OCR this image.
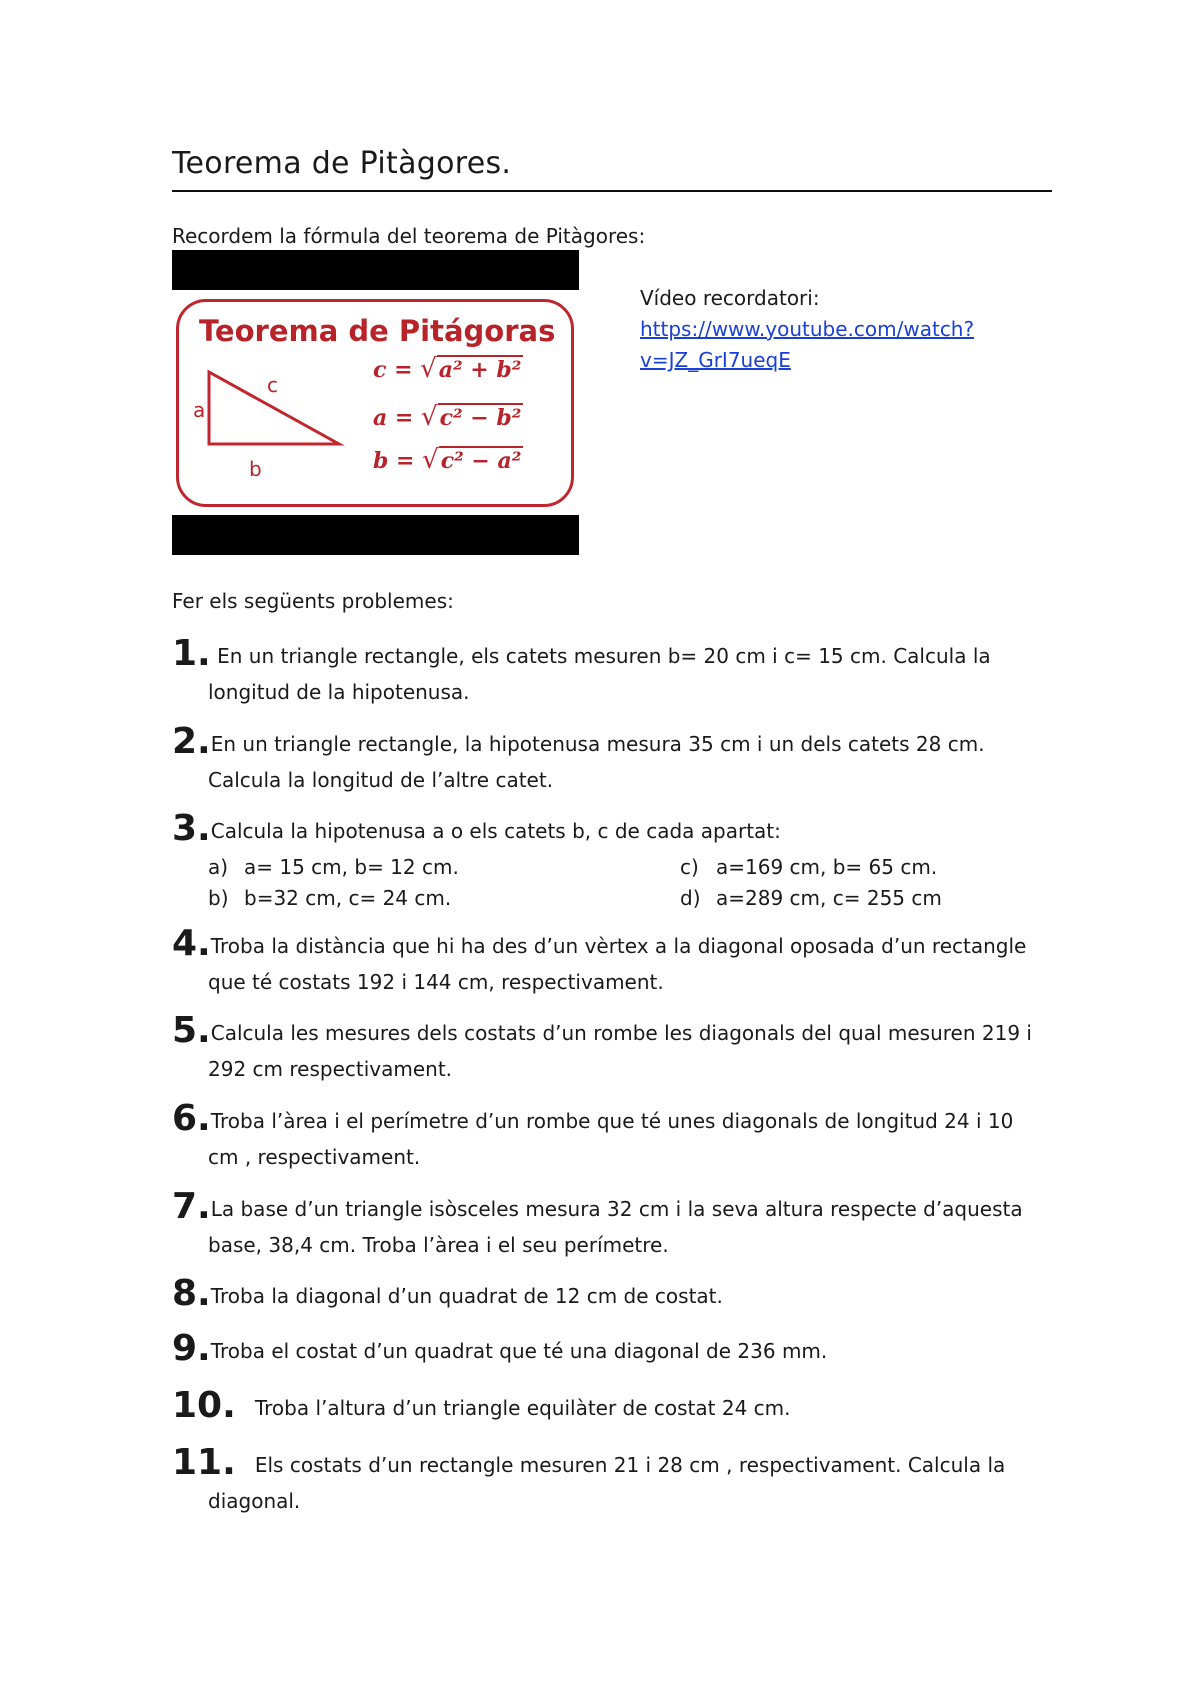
Teorema de Pitàgores.
Recordem la fórmula del teorema de Pitàgores:
Teorema de Pitágoras
c
a
b
c = √a² + b²
a = √c² − b²
b = √c² − a²
Vídeo recordatori:
https://www.youtube.com/watch?
v=JZ_GrI7ueqE
Fer els següents problemes:
1. En un triangle rectangle, els catets mesuren b= 20 cm i c= 15 cm. Calcula la
longitud de la hipotenusa.
2.En un triangle rectangle, la hipotenusa mesura 35 cm i un dels catets 28 cm.
Calcula la longitud de l’altre catet.
3.Calcula la hipotenusa a o els catets b, c de cada apartat:
a) a= 15 cm, b= 12 cm.
b) b=32 cm, c= 24 cm.
c) a=169 cm, b= 65 cm.
d) a=289 cm, c= 255 cm
4.Troba la distància que hi ha des d’un vèrtex a la diagonal oposada d’un rectangle
que té costats 192 i 144 cm, respectivament.
5.Calcula les mesures dels costats d’un rombe les diagonals del qual mesuren 219 i
292 cm respectivament.
6.Troba l’àrea i el perímetre d’un rombe que té unes diagonals de longitud 24 i 10
cm , respectivament.
7.La base d’un triangle isòsceles mesura 32 cm i la seva altura respecte d’aquesta
base, 38,4 cm. Troba l’àrea i el seu perímetre.
8.Troba la diagonal d’un quadrat de 12 cm de costat.
9.Troba el costat d’un quadrat que té una diagonal de 236 mm.
10. Troba l’altura d’un triangle equilàter de costat 24 cm.
11. Els costats d’un rectangle mesuren 21 i 28 cm , respectivament. Calcula la
diagonal.
